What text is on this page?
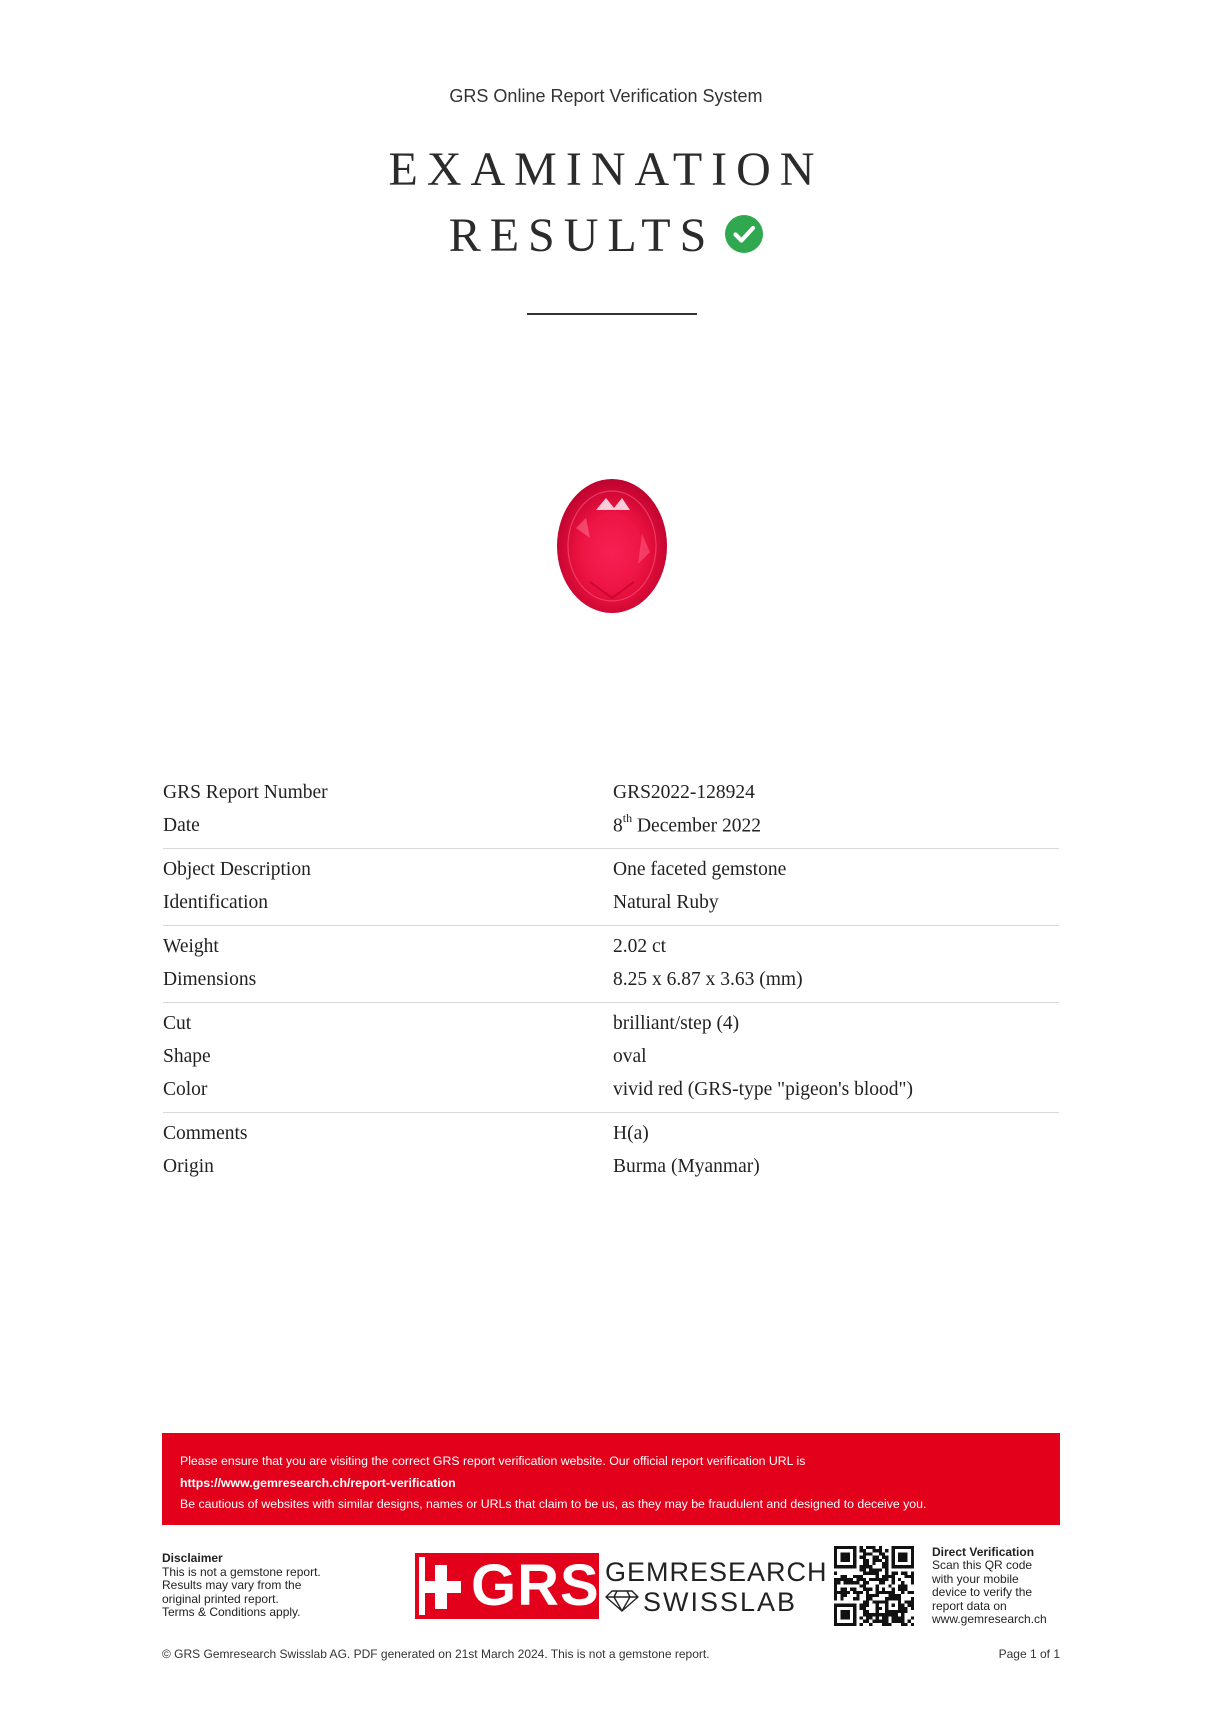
GRS Online Report Verification System
EXAMINATION
RESULTS
GRS Report Number	GRS2022-128924
Date	8th December 2022
Object Description	One faceted gemstone
Identification	Natural Ruby
Weight	2.02 ct
Dimensions	8.25 x 6.87 x 3.63 (mm)
Cut	brilliant/step (4)
Shape	oval
Color	vivid red (GRS-type "pigeon's blood")
Comments	H(a)
Origin	Burma (Myanmar)
Please ensure that you are visiting the correct GRS report verification website. Our official report verification URL is
https://www.gemresearch.ch/report-verification
Be cautious of websites with similar designs, names or URLs that claim to be us, as they may be fraudulent and designed to deceive you.
Disclaimer
This is not a gemstone report.
Results may vary from the
original printed report.
Terms & Conditions apply.	GRS GEMRESEARCH
SWISSLAB
Direct Verification
Scan this QR code
with your mobile
device to verify the
report data on
www.gemresearch.ch
© GRS Gemresearch Swisslab AG. PDF generated on 21st March 2024. This is not a gemstone report.	Page 1 of 1
